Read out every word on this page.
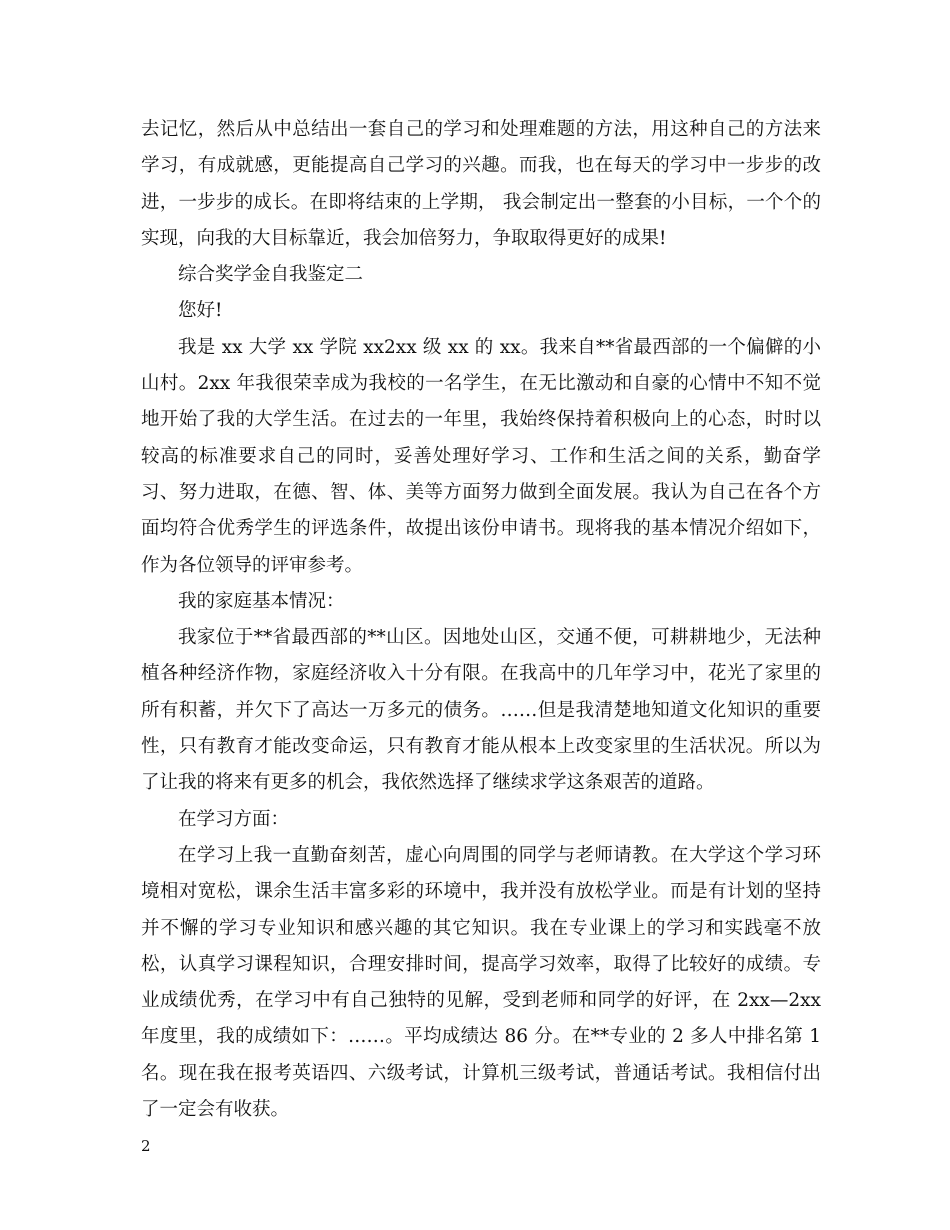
去记忆，然后从中总结出一套自己的学习和处理难题的方法，用这种自己的方法来学习，有成就感，更能提高自己学习的兴趣。而我，也在每天的学习中一步步的改进，一步步的成长。在即将结束的上学期， 我会制定出一整套的小目标，一个个的实现，向我的大目标靠近，我会加倍努力，争取取得更好的成果!

综合奖学金自我鉴定二

您好!

我是 xx 大学 xx 学院 xx2xx 级 xx 的 xx。我来自**省最西部的一个偏僻的小山村。2xx 年我很荣幸成为我校的一名学生，在无比激动和自豪的心情中不知不觉地开始了我的大学生活。在过去的一年里，我始终保持着积极向上的心态，时时以较高的标准要求自己的同时，妥善处理好学习、工作和生活之间的关系，勤奋学习、努力进取，在德、智、体、美等方面努力做到全面发展。我认为自己在各个方面均符合优秀学生的评选条件，故提出该份申请书。现将我的基本情况介绍如下，作为各位领导的评审参考。

我的家庭基本情况：

我家位于**省最西部的**山区。因地处山区，交通不便，可耕耕地少，无法种植各种经济作物，家庭经济收入十分有限。在我高中的几年学习中，花光了家里的所有积蓄，并欠下了高达一万多元的债务。……但是我清楚地知道文化知识的重要性，只有教育才能改变命运，只有教育才能从根本上改变家里的生活状况。所以为了让我的将来有更多的机会，我依然选择了继续求学这条艰苦的道路。

在学习方面：

在学习上我一直勤奋刻苦，虚心向周围的同学与老师请教。在大学这个学习环境相对宽松，课余生活丰富多彩的环境中，我并没有放松学业。而是有计划的坚持并不懈的学习专业知识和感兴趣的其它知识。我在专业课上的学习和实践毫不放松，认真学习课程知识，合理安排时间，提高学习效率，取得了比较好的成绩。专业成绩优秀，在学习中有自己独特的见解，受到老师和同学的好评，在 2xx—2xx 年度里，我的成绩如下：……。平均成绩达 86 分。在**专业的 2 多人中排名第 1 名。现在我在报考英语四、六级考试，计算机三级考试，普通话考试。我相信付出了一定会有收获。

2
